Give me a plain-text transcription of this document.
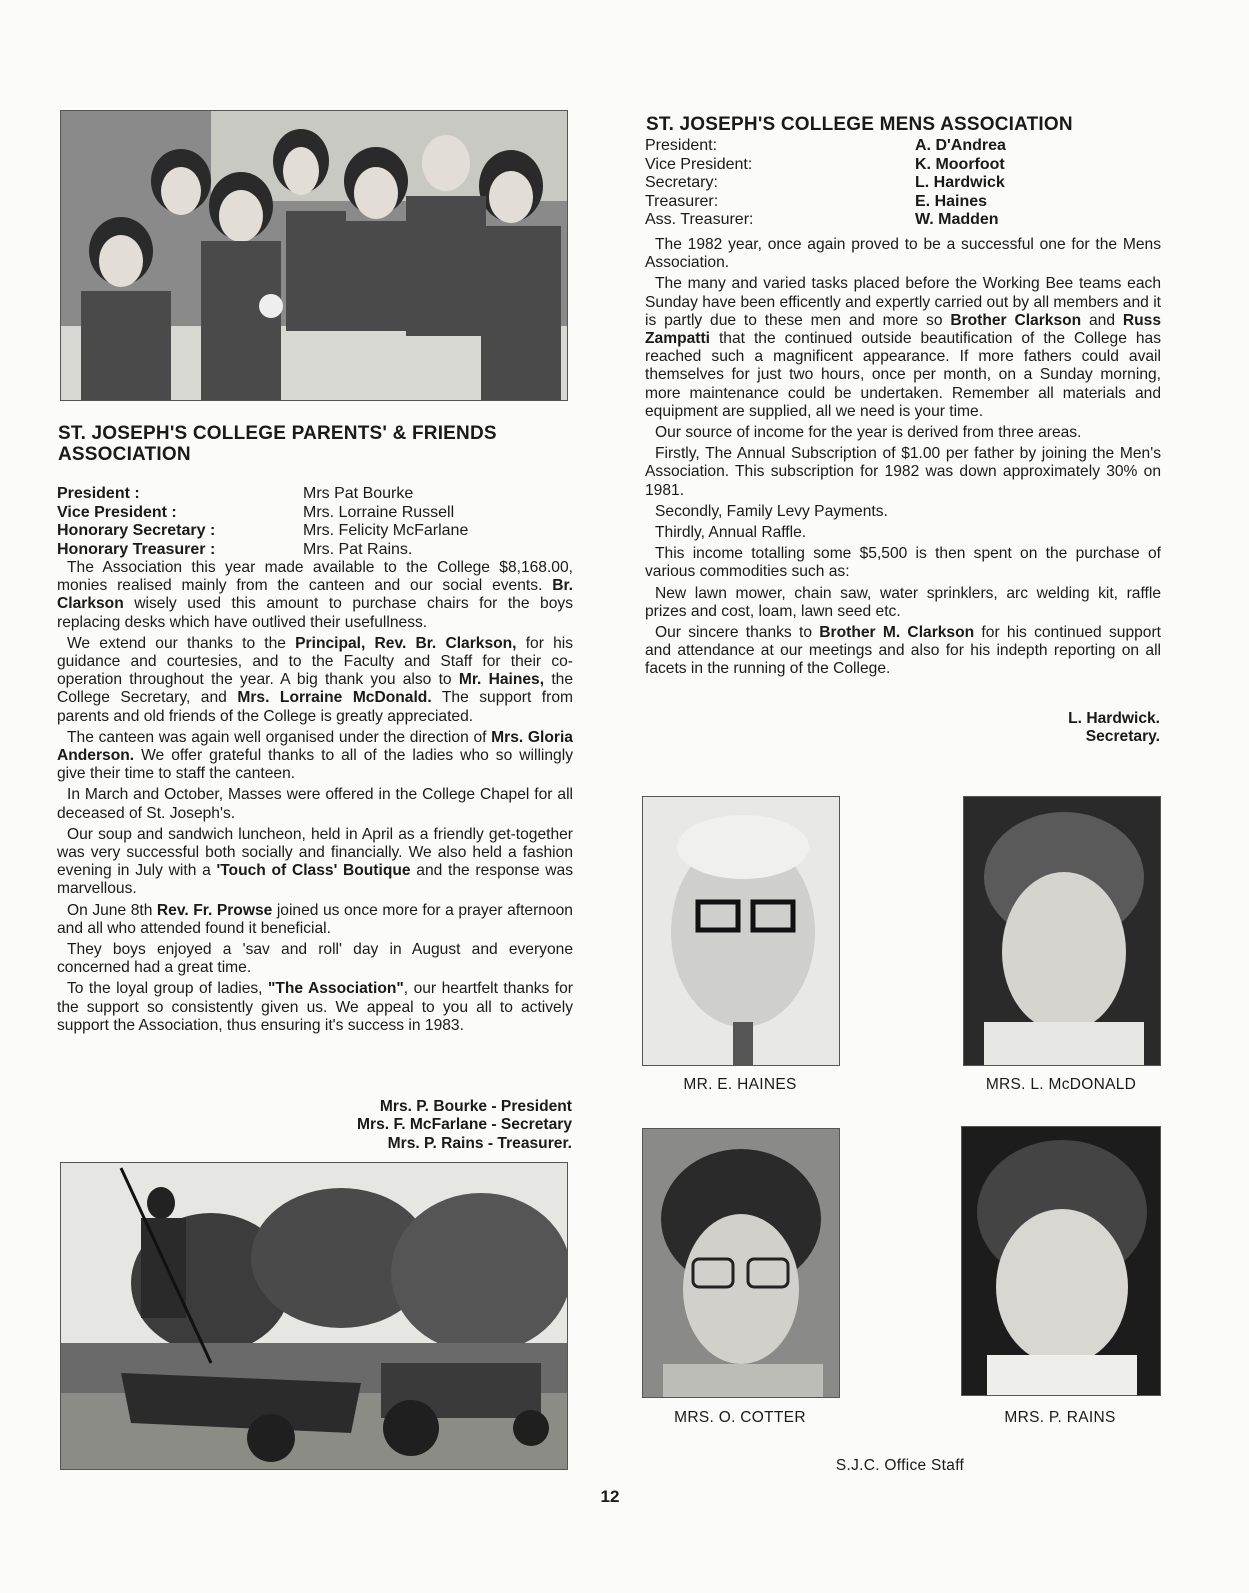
ST. JOSEPH'S COLLEGE PARENTS' & FRIENDS
ASSOCIATION
President :	Mrs Pat Bourke
Vice President :	Mrs. Lorraine Russell
Honorary Secretary :	Mrs. Felicity McFarlane
Honorary Treasurer :	Mrs. Pat Rains.

The Association this year made available to the College $8,168.00, monies realised mainly from the canteen and our social events. Br. Clarkson wisely used this amount to purchase chairs for the boys replacing desks which have outlived their usefullness.

We extend our thanks to the Principal, Rev. Br. Clarkson, for his guidance and courtesies, and to the Faculty and Staff for their co-operation throughout the year. A big thank you also to Mr. Haines, the College Secretary, and Mrs. Lorraine McDonald. The support from parents and old friends of the College is greatly appreciated.

The canteen was again well organised under the direction of Mrs. Gloria Anderson. We offer grateful thanks to all of the ladies who so willingly give their time to staff the canteen.

In March and October, Masses were offered in the College Chapel for all deceased of St. Joseph's.

Our soup and sandwich luncheon, held in April as a friendly get-together was very successful both socially and financially. We also held a fashion evening in July with a 'Touch of Class' Boutique and the response was marvellous.

On June 8th Rev. Fr. Prowse joined us once more for a prayer afternoon and all who attended found it beneficial.

They boys enjoyed a 'sav and roll' day in August and everyone concerned had a great time.

To the loyal group of ladies, "The Association", our heartfelt thanks for the support so consistently given us. We appeal to you all to actively support the Association, thus ensuring it's success in 1983.

Mrs. P. Bourke - President
Mrs. F. McFarlane - Secretary
Mrs. P. Rains - Treasurer.
ST. JOSEPH'S COLLEGE MENS ASSOCIATION
President:	A. D'Andrea
Vice President:	K. Moorfoot
Secretary:	L. Hardwick
Treasurer:	E. Haines
Ass. Treasurer:	W. Madden

The 1982 year, once again proved to be a successful one for the Mens Association.

The many and varied tasks placed before the Working Bee teams each Sunday have been efficently and expertly carried out by all members and it is partly due to these men and more so Brother Clarkson and Russ Zampatti that the continued outside beautification of the College has reached such a magnificent appearance. If more fathers could avail themselves for just two hours, once per month, on a Sunday morning, more maintenance could be undertaken. Remember all materials and equipment are supplied, all we need is your time.

Our source of income for the year is derived from three areas.

Firstly, The Annual Subscription of $1.00 per father by joining the Men's Association. This subscription for 1982 was down approximately 30% on 1981.

Secondly, Family Levy Payments.

Thirdly, Annual Raffle.

This income totalling some $5,500 is then spent on the purchase of various commodities such as:

New lawn mower, chain saw, water sprinklers, arc welding kit, raffle prizes and cost, loam, lawn seed etc.

Our sincere thanks to Brother M. Clarkson for his continued support and attendance at our meetings and also for his indepth reporting on all facets in the running of the College.

L. Hardwick.
Secretary.
MR. E. HAINES	MRS. L. McDONALD
MRS. O. COTTER	MRS. P. RAINS
S.J.C. Office Staff
12
